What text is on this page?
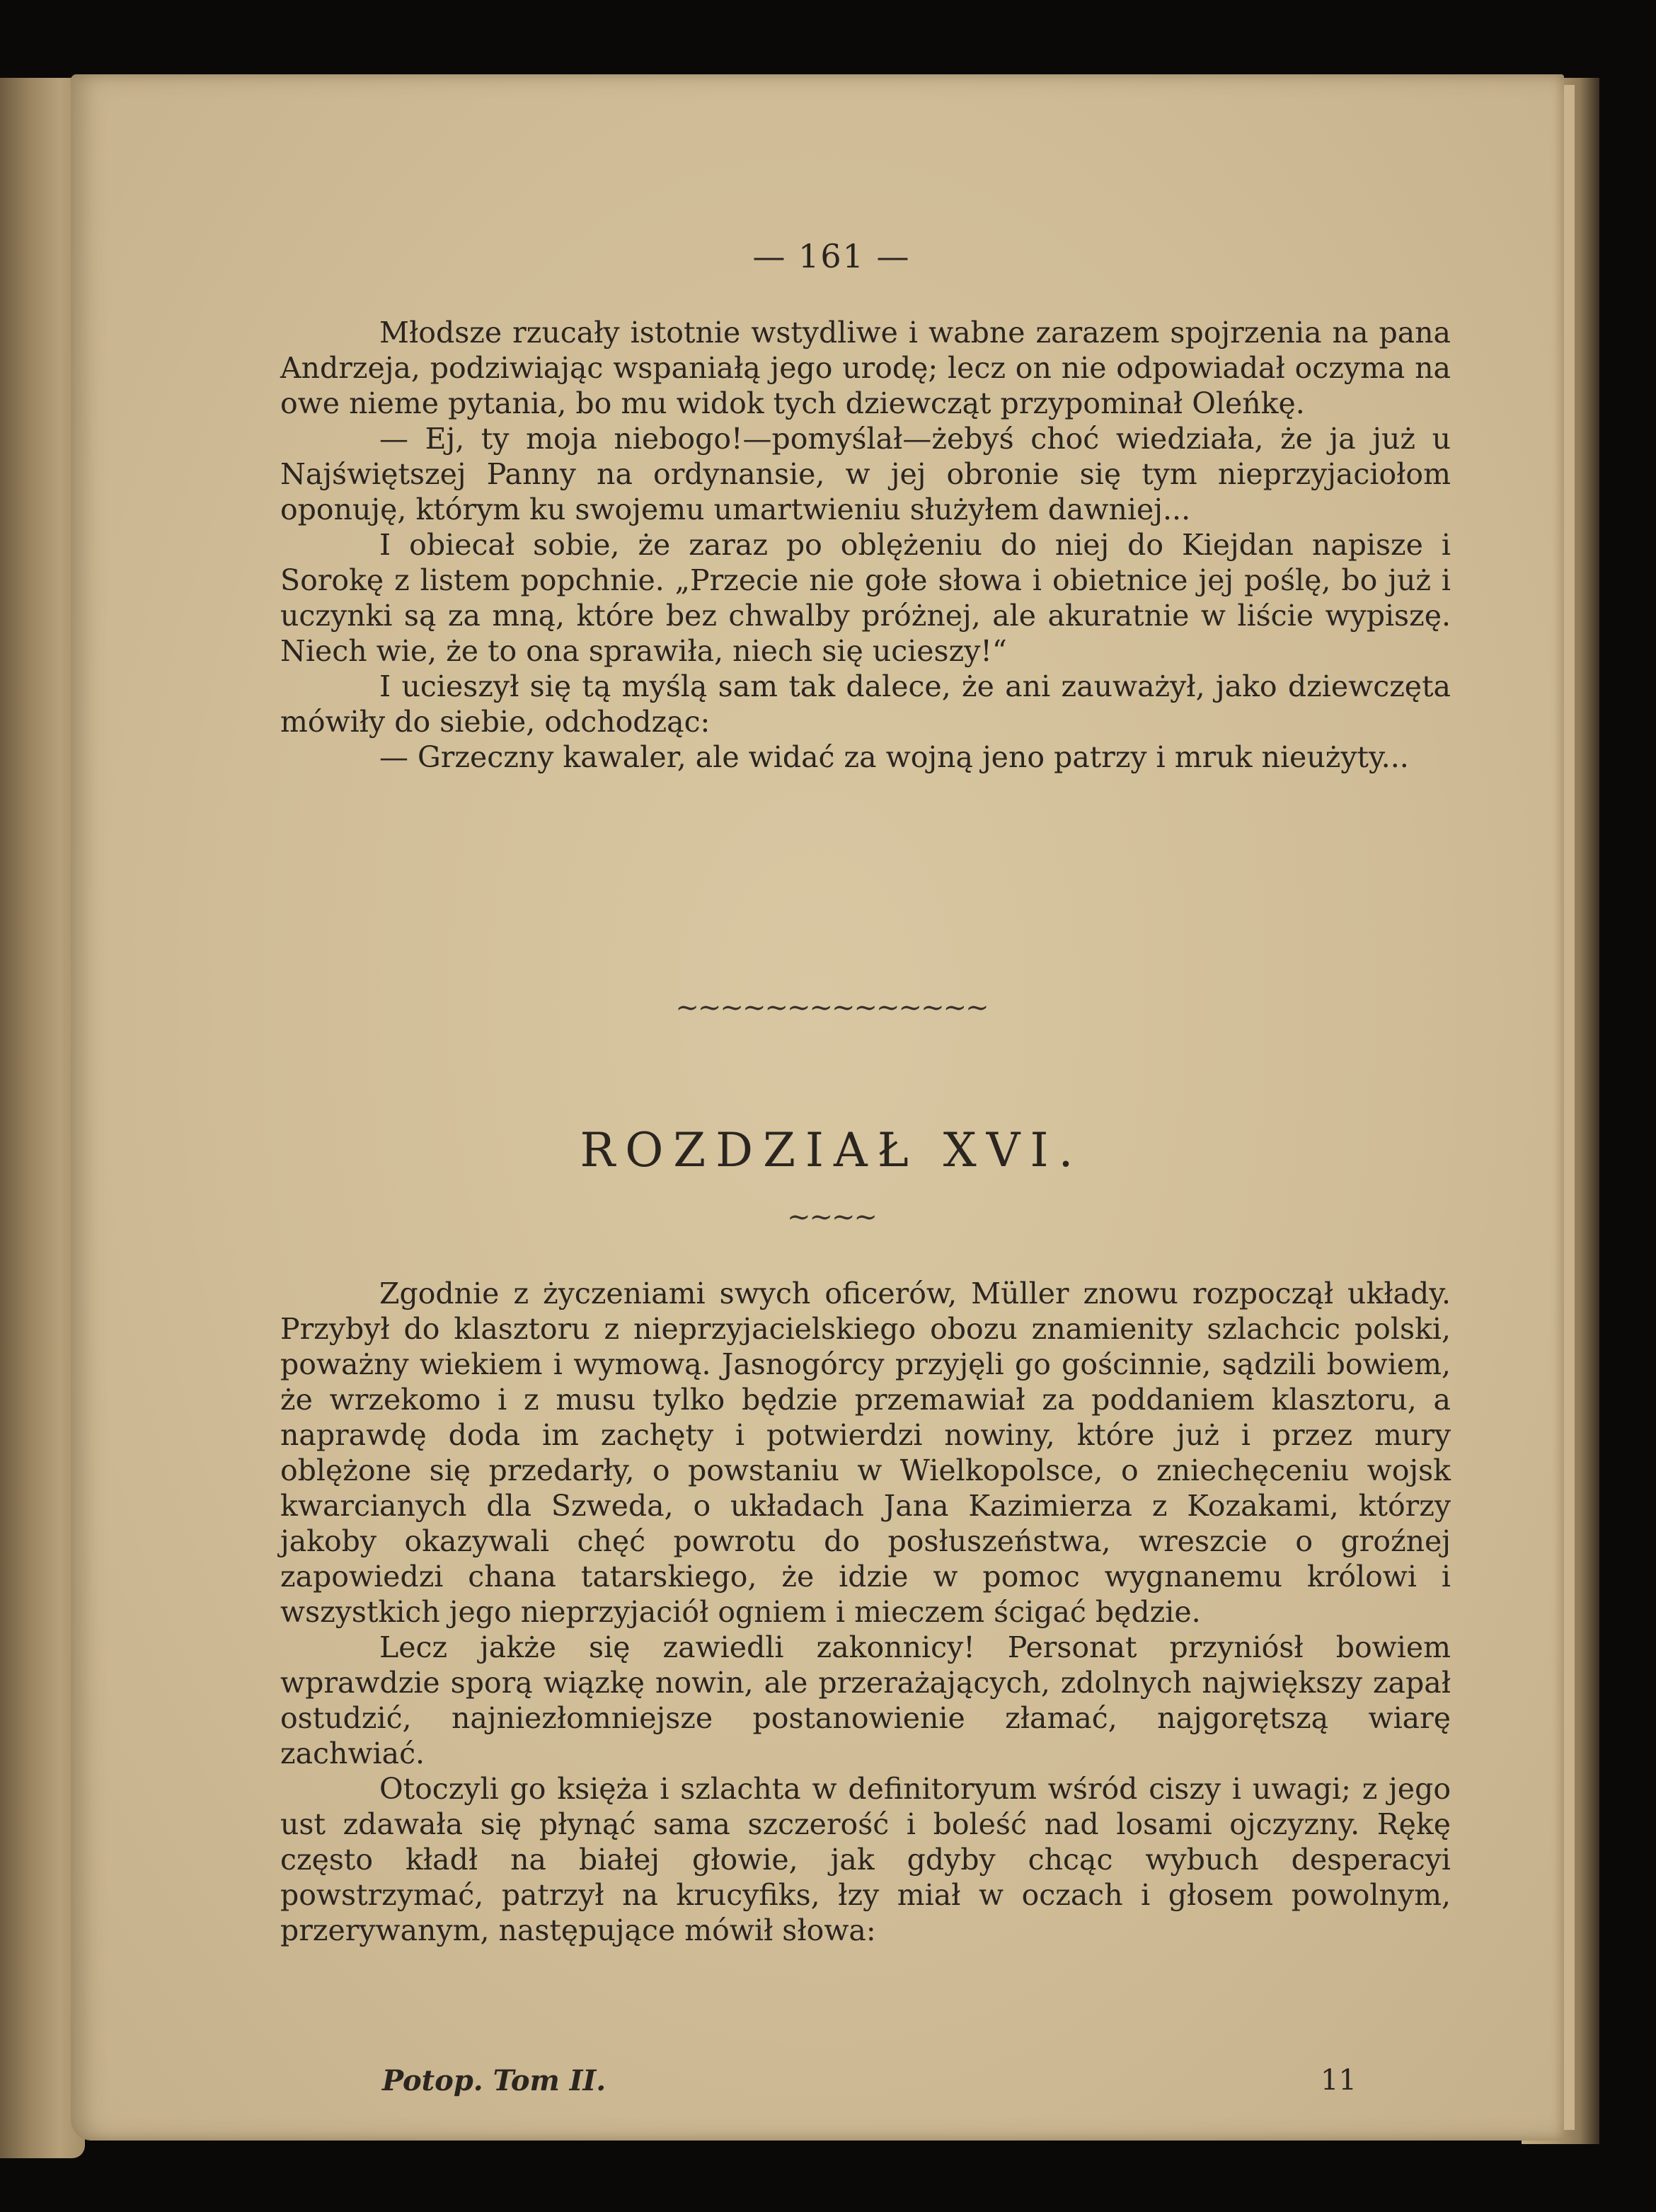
— 161 —

Młodsze rzucały istotnie wstydliwe i wabne zarazem spojrzenia na pana Andrzeja, podziwiając wspaniałą jego urodę; lecz on nie odpowiadał oczyma na owe nieme pytania, bo mu widok tych dziewcząt przypominał Oleńkę.

— Ej, ty moja niebogo!—pomyślał—żebyś choć wiedziała, że ja już u Najświętszej Panny na ordynansie, w jej obronie się tym nieprzyjaciołom oponuję, którym ku swojemu umartwieniu służyłem dawniej...

I obiecał sobie, że zaraz po oblężeniu do niej do Kiejdan napisze i Sorokę z listem popchnie. „Przecie nie gołe słowa i obietnice jej poślę, bo już i uczynki są za mną, które bez chwalby próżnej, ale akuratnie w liście wypiszę. Niech wie, że to ona sprawiła, niech się ucieszy!“

I ucieszył się tą myślą sam tak dalece, że ani zauważył, jako dziewczęta mówiły do siebie, odchodząc:

— Grzeczny kawaler, ale widać za wojną jeno patrzy i mruk nieużyty...

~~~~~~~~~~~~~~
ROZDZIAŁ XVI.
~~~~

Zgodnie z życzeniami swych oficerów, Müller znowu rozpoczął układy. Przybył do klasztoru z nieprzyjacielskiego obozu znamienity szlachcic polski, poważny wiekiem i wymową. Jasnogórcy przyjęli go gościnnie, sądzili bowiem, że wrzekomo i z musu tylko będzie przemawiał za poddaniem klasztoru, a naprawdę doda im zachęty i potwierdzi nowiny, które już i przez mury oblężone się przedarły, o powstaniu w Wielkopolsce, o zniechęceniu wojsk kwarcianych dla Szweda, o układach Jana Kazimierza z Kozakami, którzy jakoby okazywali chęć powrotu do posłuszeństwa, wreszcie o groźnej zapowiedzi chana tatarskiego, że idzie w pomoc wygnanemu królowi i wszystkich jego nieprzyjaciół ogniem i mieczem ścigać będzie.

Lecz jakże się zawiedli zakonnicy! Personat przyniósł bowiem wprawdzie sporą wiązkę nowin, ale przerażających, zdolnych największy zapał ostudzić, najniezłomniejsze postanowienie złamać, najgorętszą wiarę zachwiać.

Otoczyli go księża i szlachta w definitoryum wśród ciszy i uwagi; z jego ust zdawała się płynąć sama szczerość i boleść nad losami ojczyzny. Rękę często kładł na białej głowie, jak gdyby chcąc wybuch desperacyi powstrzymać, patrzył na krucyfiks, łzy miał w oczach i głosem powolnym, przerywanym, następujące mówił słowa:

Potop. Tom II.	11
